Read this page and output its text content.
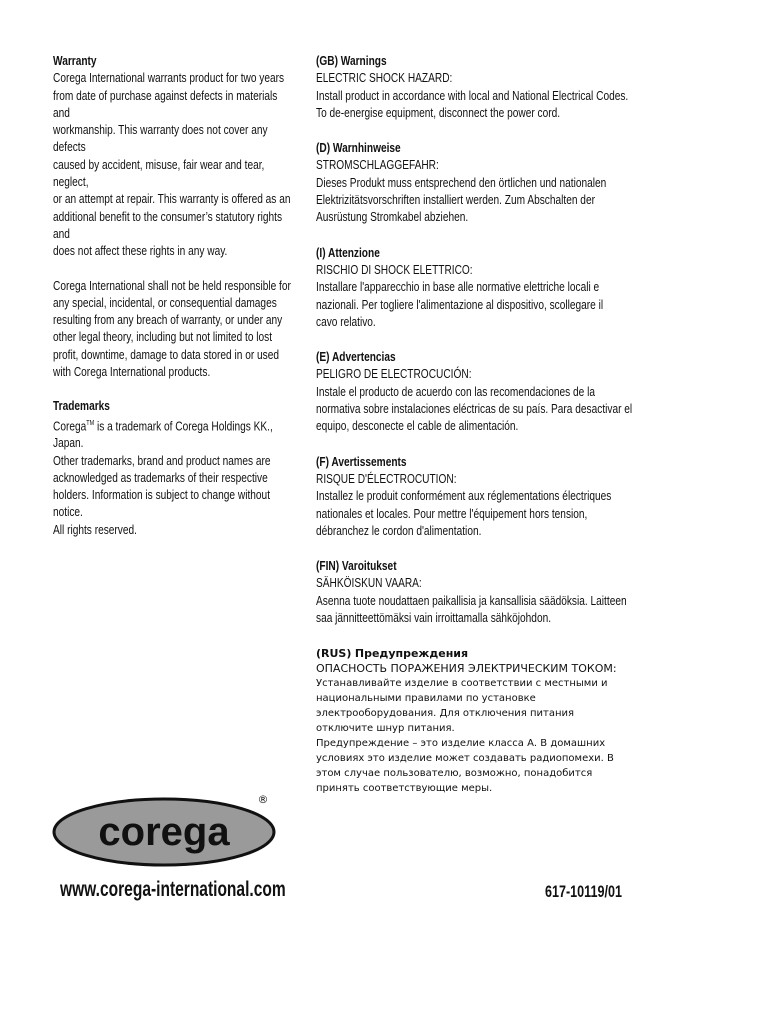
Warranty

Corega International warrants product for two years

from date of purchase against defects in materials and

workmanship. This warranty does not cover any defects

caused by accident, misuse, fair wear and tear, neglect,

or an attempt at repair. This warranty is offered as an

additional benefit to the consumer’s statutory rights and

does not affect these rights in any way.

Corega International shall not be held responsible for

any special, incidental, or consequential damages

resulting from any breach of warranty, or under any

other legal theory, including but not limited to lost

profit, downtime, damage to data stored in or used

with Corega International products.

Trademarks

Corega™ is a trademark of Corega Holdings KK., Japan.

Other trademarks, brand and product names are

acknowledged as trademarks of their respective

holders. Information is subject to change without notice.

All rights reserved.

(GB) Warnings

ELECTRIC SHOCK HAZARD:

Install product in accordance with local and National Electrical Codes.

To de-energise equipment, disconnect the power cord.

(D) Warnhinweise

STROMSCHLAGGEFAHR:

Dieses Produkt muss entsprechend den örtlichen und nationalen

Elektrizitätsvorschriften installiert werden. Zum Abschalten der

Ausrüstung Stromkabel abziehen.

(I) Attenzione

RISCHIO DI SHOCK ELETTRICO:

Installare l'apparecchio in base alle normative elettriche locali e

nazionali. Per togliere l'alimentazione al dispositivo, scollegare il

cavo relativo.

(E) Advertencias

PELIGRO DE ELECTROCUCIÓN:

Instale el producto de acuerdo con las recomendaciones de la

normativa sobre instalaciones eléctricas de su país. Para desactivar el

equipo, desconecte el cable de alimentación.

(F) Avertissements

RISQUE D'ÉLECTROCUTION:

Installez le produit conformément aux réglementations électriques

nationales et locales. Pour mettre l'équipement hors tension,

débranchez le cordon d'alimentation.

(FIN) Varoitukset

SÄHKÖISKUN VAARA:

Asenna tuote noudattaen paikallisia ja kansallisia säädöksia. Laitteen

saa jännitteettömäksi vain irroittamalla sähköjohdon.

(RUS) Предупреждения

ОПАСНОСТЬ ПОРАЖЕНИЯ ЭЛЕКТРИЧЕСКИМ ТОКОМ:

Устанавливайте изделие в соответствии с местными и

национальными правилами по установке

электрооборудования. Для отключения питания

отключите шнур питания.

Предупреждение – это изделие класса А. В домашних

условиях это изделие может создавать радиопомехи. В

этом случае пользователю, возможно, понадобится

принять соответствующие меры.

corega
®
www.corega-international.com	617-10119/01
